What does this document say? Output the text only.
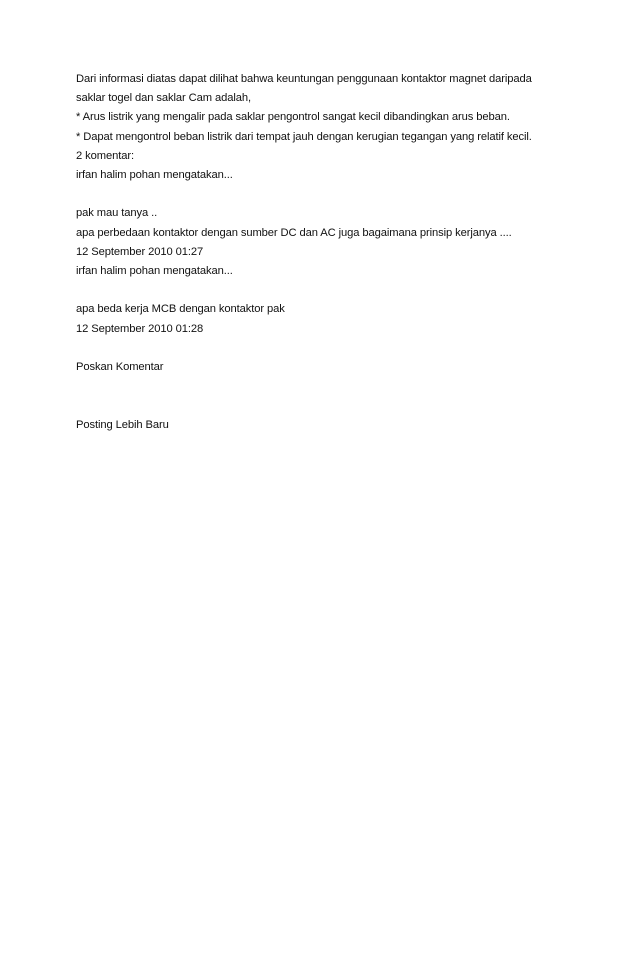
Dari informasi diatas dapat dilihat bahwa keuntungan penggunaan kontaktor magnet daripada
saklar togel dan saklar Cam adalah,
* Arus listrik yang mengalir pada saklar pengontrol sangat kecil dibandingkan arus beban.
* Dapat mengontrol beban listrik dari tempat jauh dengan kerugian tegangan yang relatif kecil.
2 komentar:
irfan halim pohan mengatakan...
pak mau tanya ..
apa perbedaan kontaktor dengan sumber DC dan AC juga bagaimana prinsip kerjanya ....
12 September 2010 01:27
irfan halim pohan mengatakan...
apa beda kerja MCB dengan kontaktor pak
12 September 2010 01:28
Poskan Komentar
Posting Lebih Baru
